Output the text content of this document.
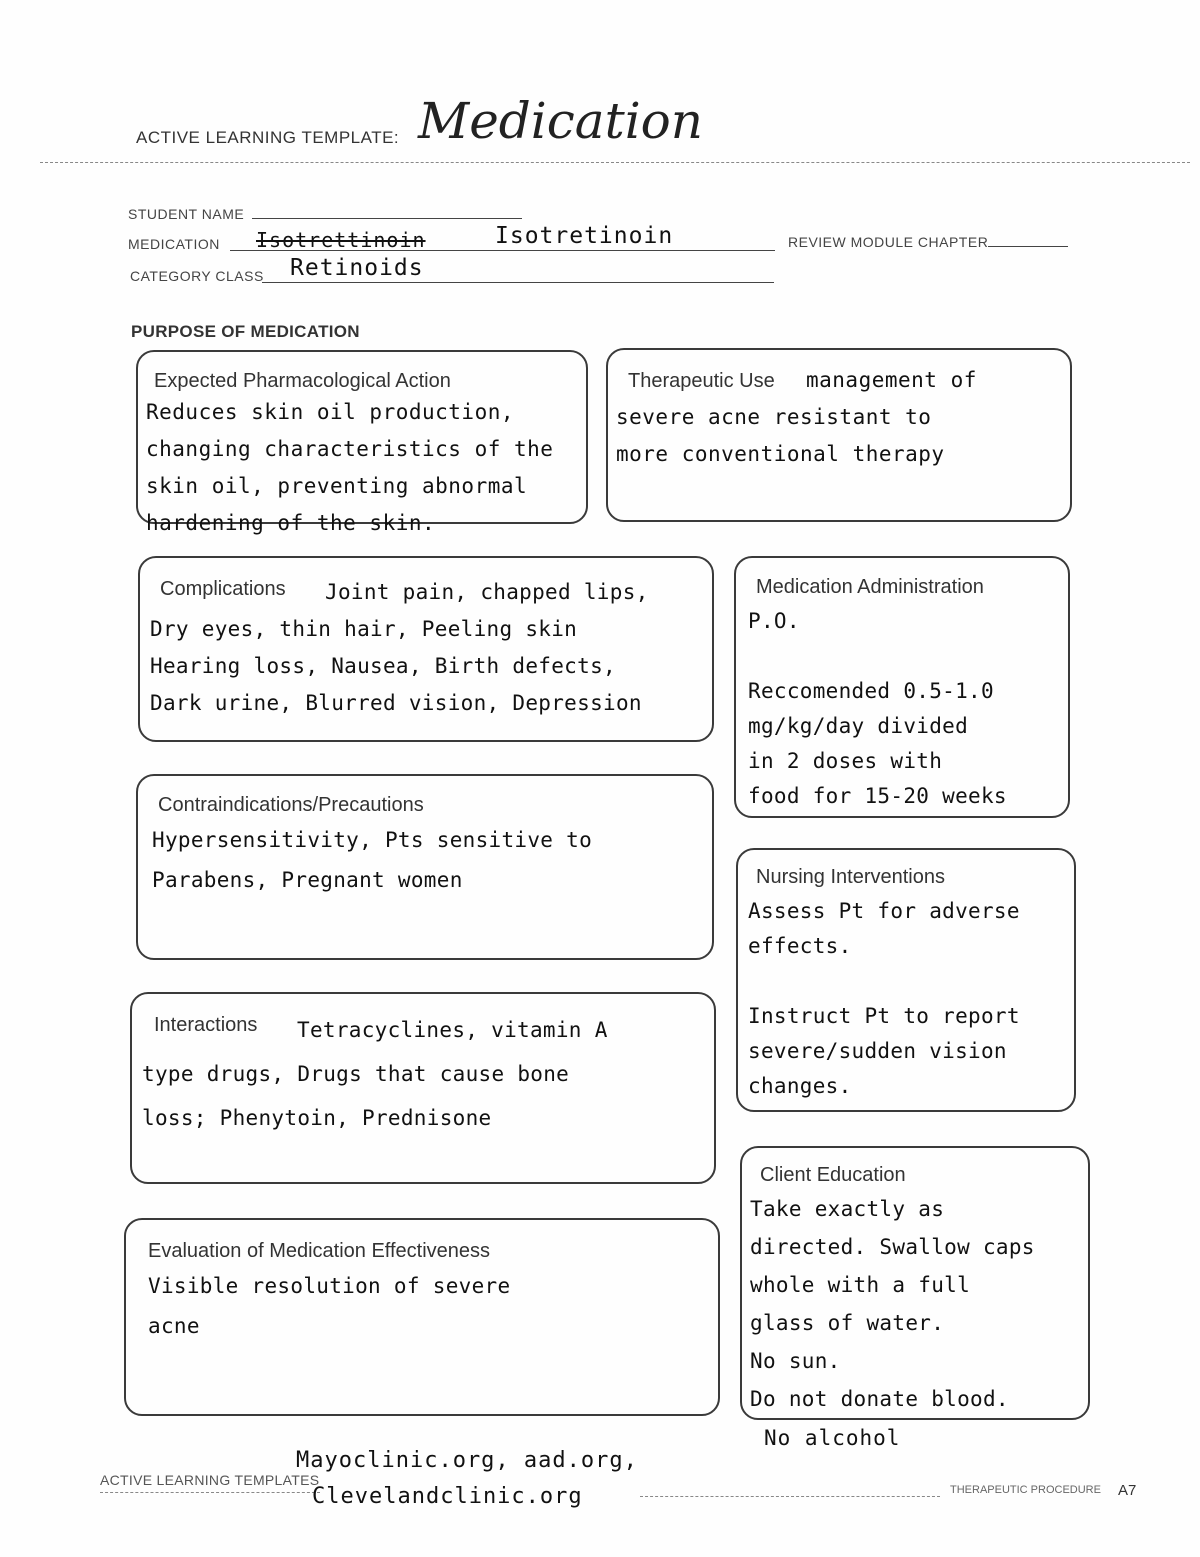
ACTIVE LEARNING TEMPLATE: Medication
STUDENT NAME
MEDICATION Isotrettinoin	Isotretinoin	REVIEW MODULE CHAPTER
CATEGORY CLASS Retinoids
PURPOSE OF MEDICATION
Expected Pharmacological Action
Reduces skin oil production,
changing characteristics of the
skin oil, preventing abnormal
hardening of the skin.
Therapeutic Use	management of
severe acne resistant to
more conventional therapy
Complications	Joint pain, chapped lips,
Dry eyes, thin hair, Peeling skin
Hearing loss, Nausea, Birth defects,
Dark urine, Blurred vision, Depression
Medication Administration
P.O.

Reccomended 0.5-1.0
mg/kg/day divided
in 2 doses with
food for 15-20 weeks
Contraindications/Precautions
Hypersensitivity, Pts sensitive to
Parabens, Pregnant women	Nursing Interventions
Assess Pt for adverse
effects.

Instruct Pt to report
severe/sudden vision
changes.
Interactions	Tetracyclines, vitamin A
type drugs, Drugs that cause bone
loss; Phenytoin, Prednisone
Client Education
Take exactly as
directed. Swallow caps
whole with a full
glass of water.
No sun.
Do not donate blood.
No alcohol
Evaluation of Medication Effectiveness
Visible resolution of severe
acne
ACTIVE LEARNING TEMPLATES
Mayoclinic.org, aad.org,
Clevelandclinic.org	THERAPEUTIC PROCEDURE A7
